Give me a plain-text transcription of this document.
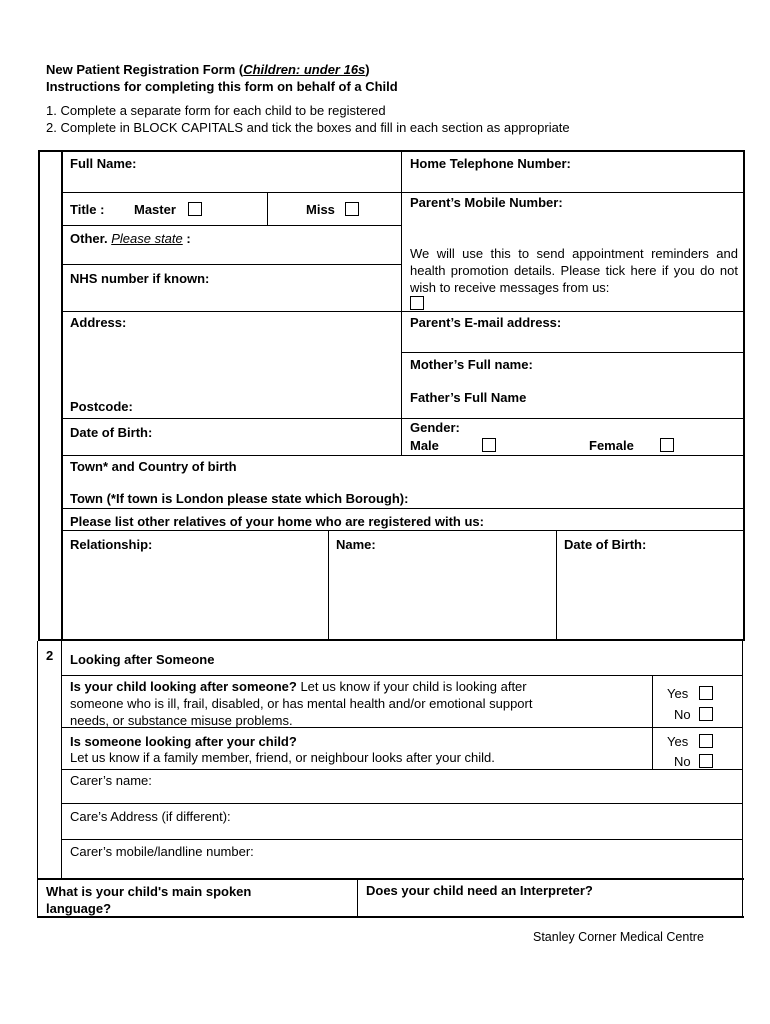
New Patient Registration Form (Children: under 16s)
Instructions for completing this form on behalf of a Child
1. Complete a separate form for each child to be registered
2. Complete in BLOCK CAPITALS and tick the boxes and fill in each section as appropriate
Full Name:	Home Telephone Number:
Title : Master	Miss	Parent’s Mobile Number:
Other. Please state :
We will use this to send appointment reminders and health promotion details. Please tick here if you do not wish to receive messages from us:
NHS number if known:
Address:	Parent’s E-mail address:
Mother’s Full name:
Father’s Full Name
Postcode:
Date of Birth:	Gender:
Male	Female
Town* and Country of birth
Town (*If town is London please state which Borough):
Please list other relatives of your home who are registered with us:
Relationship:	Name:	Date of Birth:
2 Looking after Someone
Is your child looking after someone? Let us know if your child is looking after
someone who is ill, frail, disabled, or has mental health and/or emotional support
needs, or substance misuse problems.
Yes
No
Is someone looking after your child?
Let us know if a family member, friend, or neighbour looks after your child.
Yes
No
Carer’s name:
Care’s Address (if different):
Carer’s mobile/landline number:
What is your child's main spoken language?
Does your child need an Interpreter?
Stanley Corner Medical Centre
